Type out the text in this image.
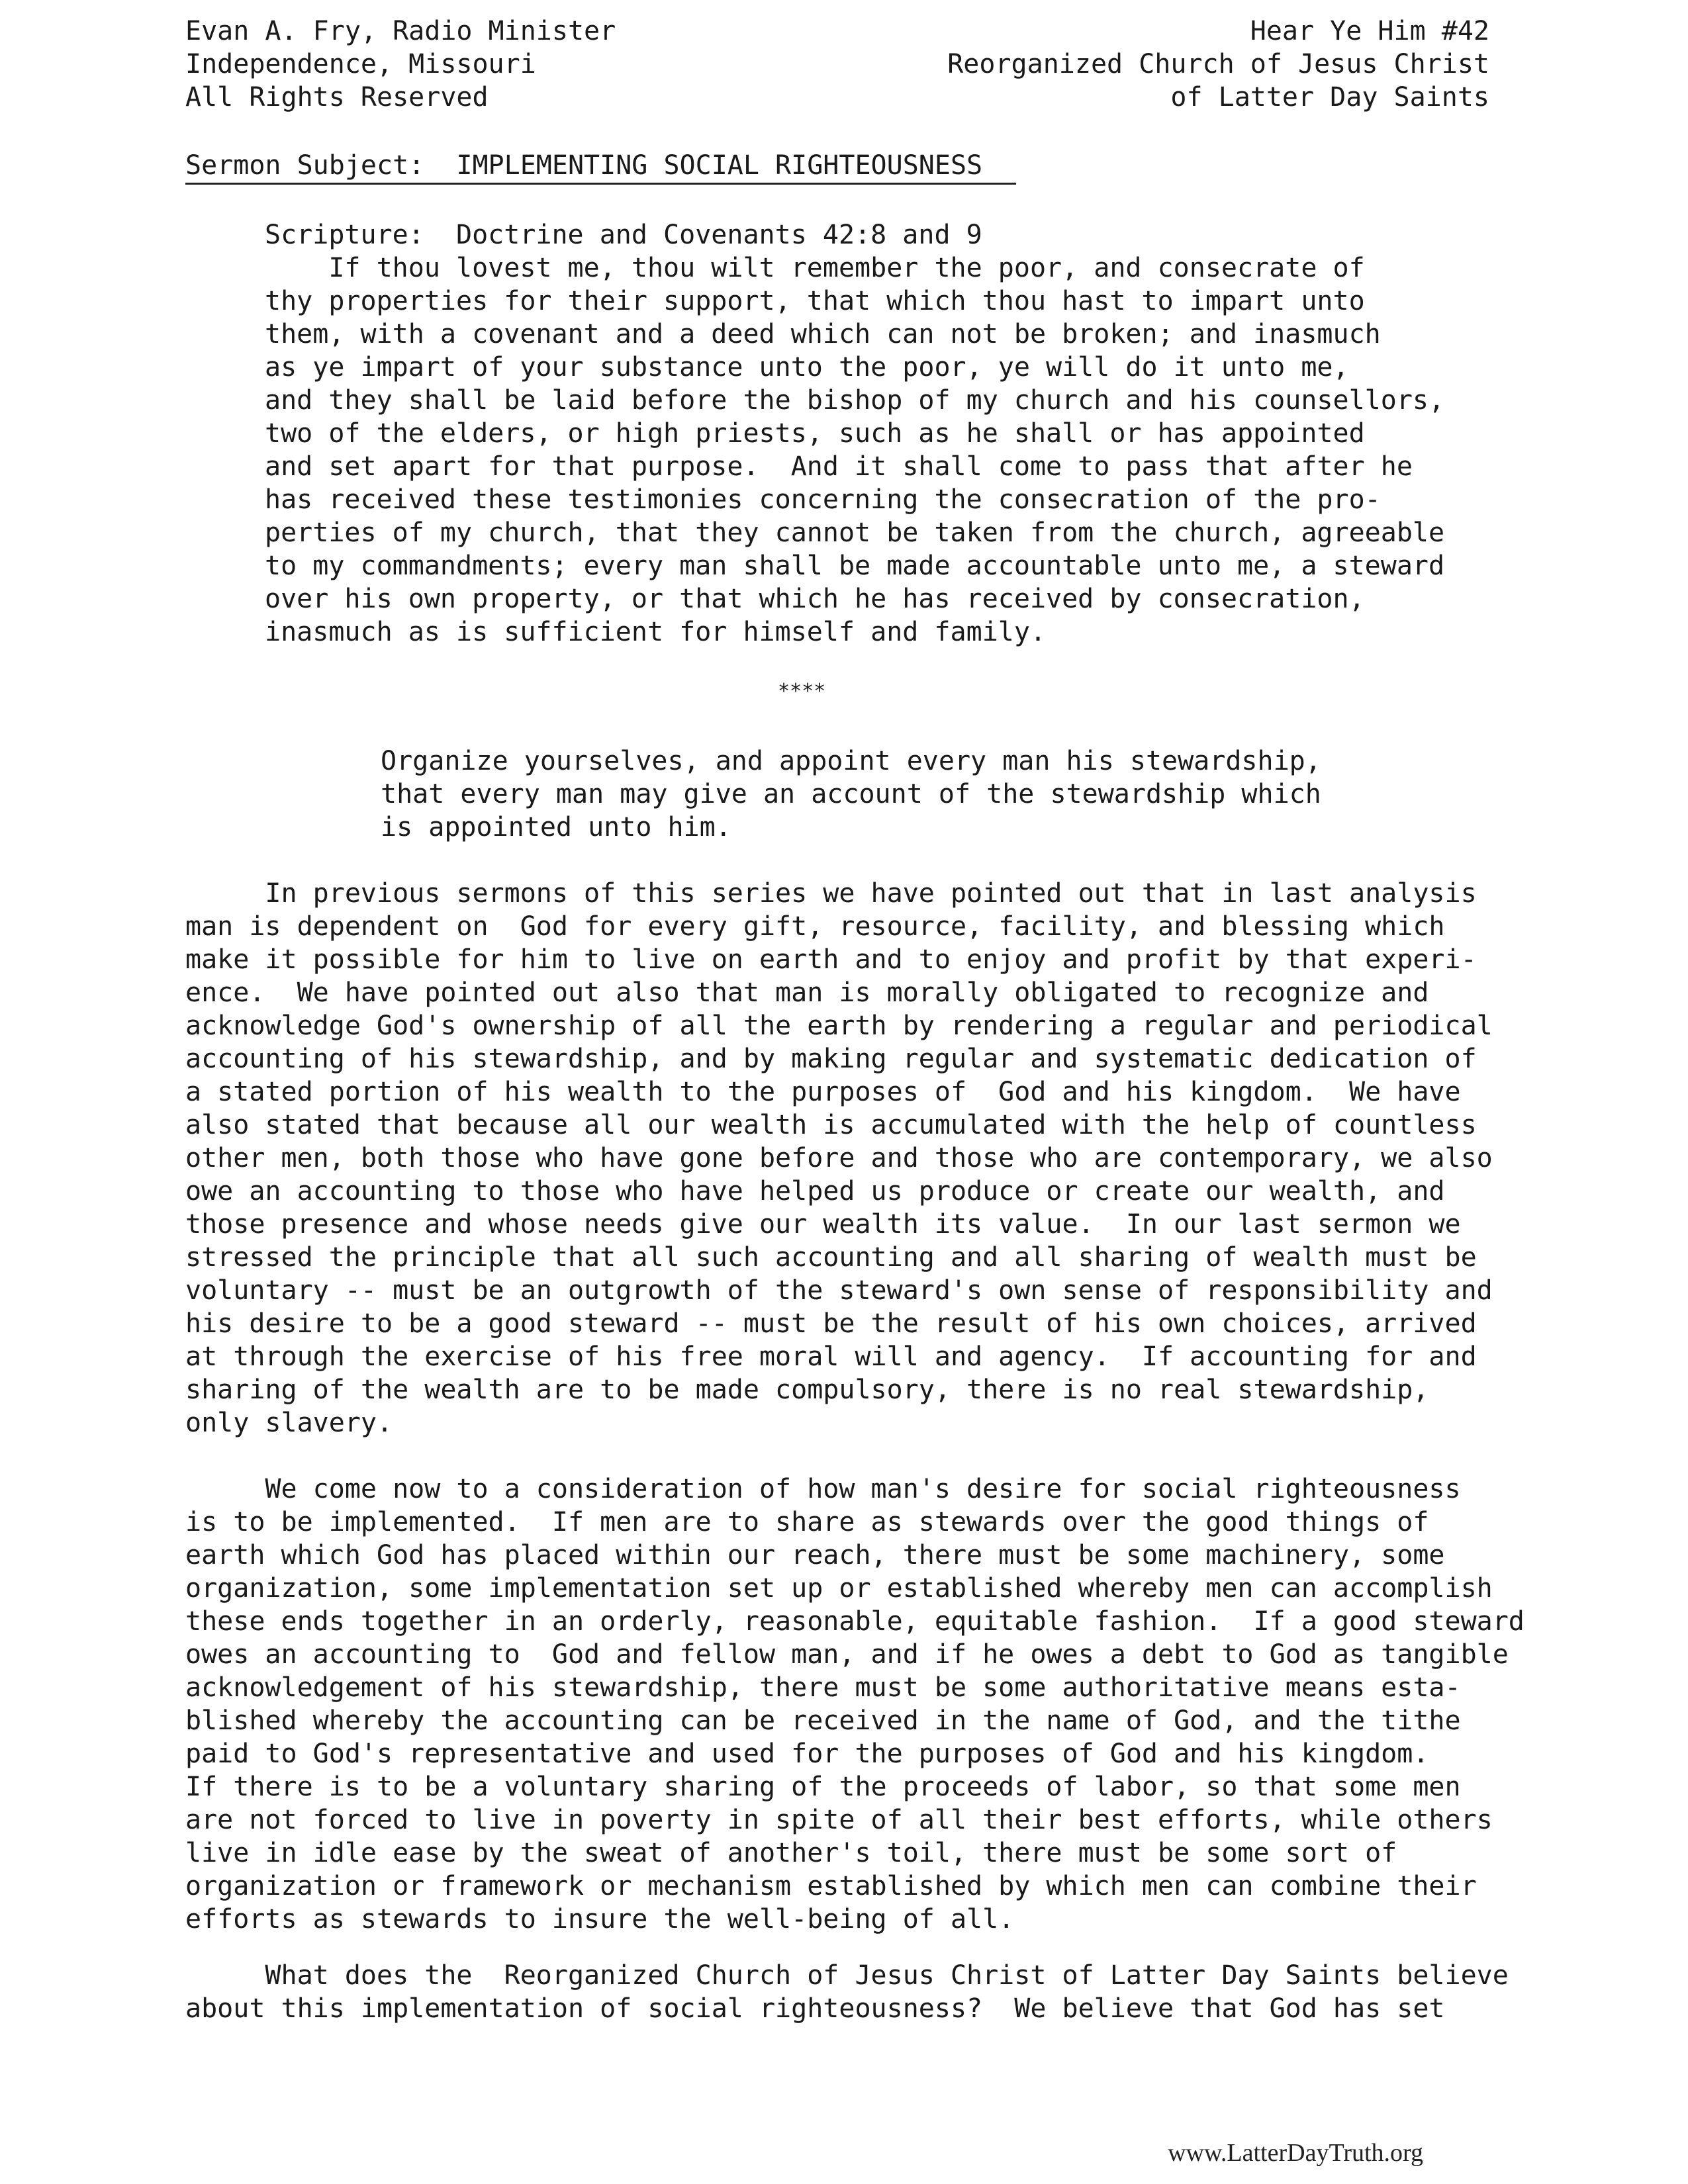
Evan A. Fry, Radio Minister
Independence, Missouri
All Rights Reserved
Hear Ye Him #42
Reorganized Church of Jesus Christ
of Latter Day Saints
Sermon Subject:  IMPLEMENTING SOCIAL RIGHTEOUSNESS
Scripture:  Doctrine and Covenants 42:8 and 9
If thou lovest me, thou wilt remember the poor, and consecrate of
thy properties for their support, that which thou hast to impart unto
them, with a covenant and a deed which can not be broken; and inasmuch
as ye impart of your substance unto the poor, ye will do it unto me,
and they shall be laid before the bishop of my church and his counsellors,
two of the elders, or high priests, such as he shall or has appointed
and set apart for that purpose.  And it shall come to pass that after he
has received these testimonies concerning the consecration of the pro-
perties of my church, that they cannot be taken from the church, agreeable
to my commandments; every man shall be made accountable unto me, a steward
over his own property, or that which he has received by consecration,
inasmuch as is sufficient for himself and family.
****
Organize yourselves, and appoint every man his stewardship,
that every man may give an account of the stewardship which
is appointed unto him.
In previous sermons of this series we have pointed out that in last analysis
man is dependent on  God for every gift, resource, facility, and blessing which
make it possible for him to live on earth and to enjoy and profit by that experi-
ence.  We have pointed out also that man is morally obligated to recognize and
acknowledge God's ownership of all the earth by rendering a regular and periodical
accounting of his stewardship, and by making regular and systematic dedication of
a stated portion of his wealth to the purposes of  God and his kingdom.  We have
also stated that because all our wealth is accumulated with the help of countless
other men, both those who have gone before and those who are contemporary, we also
owe an accounting to those who have helped us produce or create our wealth, and
those presence and whose needs give our wealth its value.  In our last sermon we
stressed the principle that all such accounting and all sharing of wealth must be
voluntary -- must be an outgrowth of the steward's own sense of responsibility and
his desire to be a good steward -- must be the result of his own choices, arrived
at through the exercise of his free moral will and agency.  If accounting for and
sharing of the wealth are to be made compulsory, there is no real stewardship,
only slavery.
We come now to a consideration of how man's desire for social righteousness
is to be implemented.  If men are to share as stewards over the good things of
earth which God has placed within our reach, there must be some machinery, some
organization, some implementation set up or established whereby men can accomplish
these ends together in an orderly, reasonable, equitable fashion.  If a good steward
owes an accounting to  God and fellow man, and if he owes a debt to God as tangible
acknowledgement of his stewardship, there must be some authoritative means esta-
blished whereby the accounting can be received in the name of God, and the tithe
paid to God's representative and used for the purposes of God and his kingdom.
If there is to be a voluntary sharing of the proceeds of labor, so that some men
are not forced to live in poverty in spite of all their best efforts, while others
live in idle ease by the sweat of another's toil, there must be some sort of
organization or framework or mechanism established by which men can combine their
efforts as stewards to insure the well-being of all.
What does the  Reorganized Church of Jesus Christ of Latter Day Saints believe
about this implementation of social righteousness?  We believe that God has set
www.LatterDayTruth.org
